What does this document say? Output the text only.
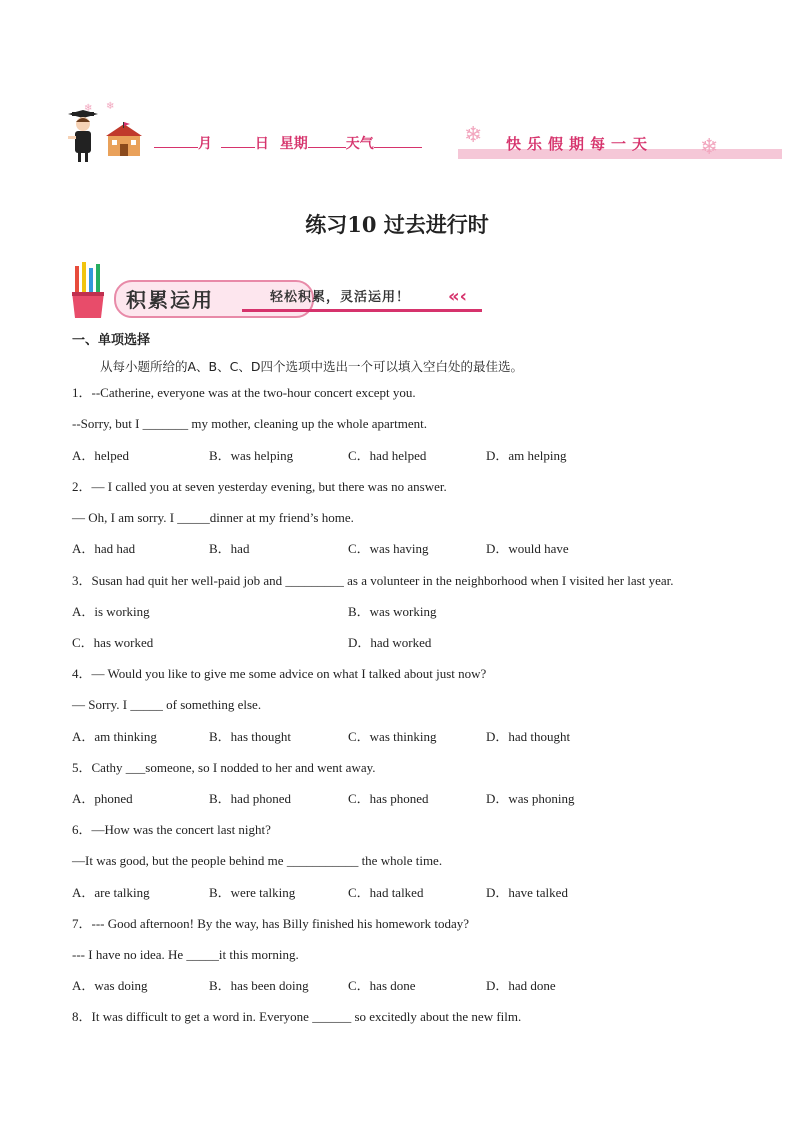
❄ ❄
月	日 星期	天气	❄ 快乐假期每一天 ❄
练习10 过去进行时
积累运用	轻松积累，灵活运用！ «‹
一、单项选择
从每小题所给的A、B、C、D四个选项中选出一个可以填入空白处的最佳选。
1．--Catherine, everyone was at the two-hour concert except you.
--Sorry, but I _______ my mother, cleaning up the whole apartment.
A．helped	B．was helping	C．had helped	D．am helping
2．— I called you at seven yesterday evening, but there was no answer.
— Oh, I am sorry. I _____dinner at my friend’s home.
A．had had	B．had	C．was having	D．would have
3．Susan had quit her well-paid job and _________ as a volunteer in the neighborhood when I visited her last year.
A．is working	B．was working
C．has worked	D．had worked
4．— Would you like to give me some advice on what I talked about just now?
— Sorry. I _____ of something else.
A．am thinking	B．has thought	C．was thinking	D．had thought
5．Cathy ___someone, so I nodded to her and went away.
A．phoned	B．had phoned	C．has phoned	D．was phoning
6．—How was the concert last night?
—It was good, but the people behind me ___________ the whole time.
A．are talking	B．were talking	C．had talked	D．have talked
7．--- Good afternoon! By the way, has Billy finished his homework today?
--- I have no idea. He _____it this morning.
A．was doing	B．has been doing	C．has done	D．had done
8．It was difficult to get a word in. Everyone ______ so excitedly about the new film.
